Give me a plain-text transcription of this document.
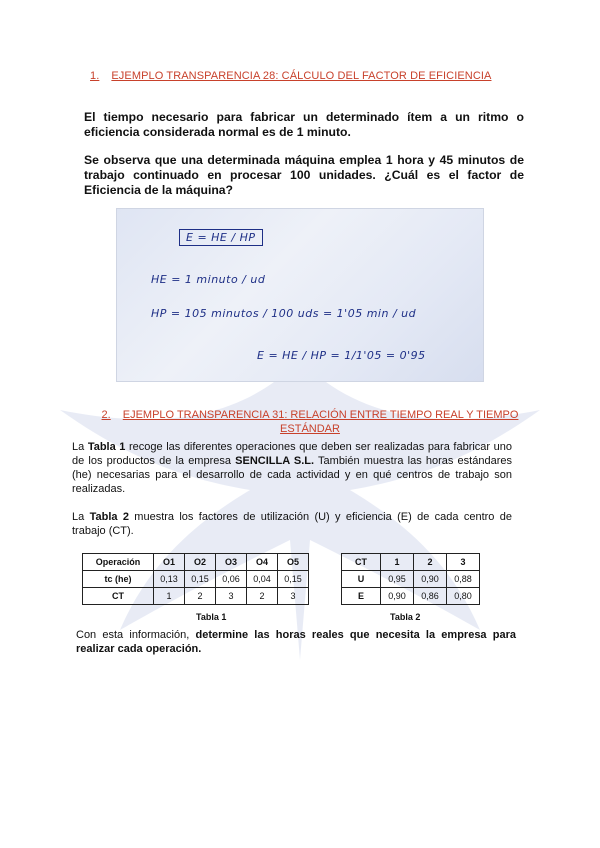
1. EJEMPLO TRANSPARENCIA 28: CÁLCULO DEL FACTOR DE EFICIENCIA
El tiempo necesario para fabricar un determinado ítem a un ritmo o eficiencia considerada normal es de 1 minuto.
Se observa que una determinada máquina emplea 1 hora y 45 minutos de trabajo continuado en procesar 100 unidades. ¿Cuál es el factor de Eficiencia de la máquina?
E = HE / HP
HE = 1 minuto / ud
HP = 105 minutos / 100 uds = 1'05 min / ud
E = HE / HP = 1/1'05 = 0'95
2. EJEMPLO TRANSPARENCIA 31: RELACIÓN ENTRE TIEMPO REAL Y TIEMPO ESTÁNDAR
La Tabla 1 recoge las diferentes operaciones que deben ser realizadas para fabricar uno de los productos de la empresa SENCILLA S.L. También muestra las horas estándares (he) necesarias para el desarrollo de cada actividad y en qué centros de trabajo son realizadas.
La Tabla 2 muestra los factores de utilización (U) y eficiencia (E) de cada centro de trabajo (CT).
Operación	O1	O2	O3	O4	O5
tc (he)	0,13	0,15	0,06	0,04	0,15
CT	1	2	3	2	3
CT	1	2	3
U	0,95	0,90	0,88
E	0,90	0,86	0,80
Tabla 1	Tabla 2
Con esta información, determine las horas reales que necesita la empresa para realizar cada operación.
